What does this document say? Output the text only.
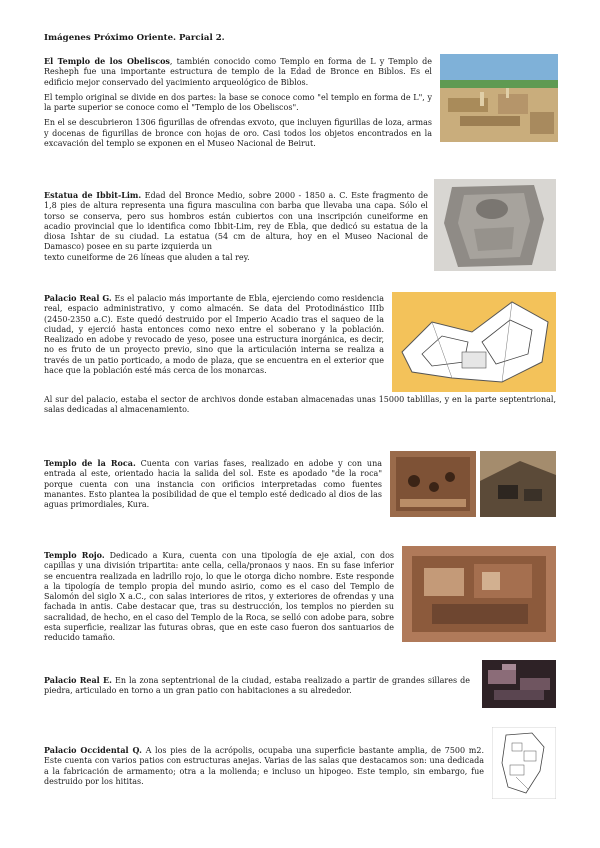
Imágenes Próximo Oriente. Parcial 2.

El Templo de los Obeliscos, también conocido como Templo en forma de L y Templo de Resheph fue una importante estructura de templo de la Edad de Bronce en Biblos. Es el edificio mejor conservado del yacimiento arqueológico de Biblos.

El templo original se divide en dos partes: la base se conoce como "el templo en forma de L", y la parte superior se conoce como el "Templo de los Obeliscos".

En el se descubrieron 1306 figurillas de ofrendas exvoto, que incluyen figurillas de loza, armas y docenas de figurillas de bronce con hojas de oro. Casi todos los objetos encontrados en la excavación del templo se exponen en el Museo Nacional de Beirut.

Estatua de Ibbit-Lim. Edad del Bronce Medio, sobre 2000 - 1850 a. C. Este fragmento de 1,8 pies de altura representa una figura masculina con barba que llevaba una capa. Sólo el torso se conserva, pero sus hombros están cubiertos con una inscripción cuneiforme en acadio provincial que lo identifica como Ibbit-Lim, rey de Ebla, que dedicó su estatua de la diosa Ishtar de su ciudad. La estatua (54 cm de altura, hoy en el Museo Nacional de Damasco) posee en su parte izquierda un
texto cuneiforme de 26 líneas que aluden a tal rey.

Palacio Real G. Es el palacio más importante de Ebla, ejerciendo como residencia real, espacio administrativo, y como almacén. Se data del Protodinástico IIIb (2450-2350 a.C). Este quedó destruido por el Imperio Acadio tras el saqueo de la ciudad, y ejerció hasta entonces como nexo entre el soberano y la población. Realizado en adobe y revocado de yeso, posee una estructura inorgánica, es decir, no es fruto de un proyecto previo, sino que la articulación interna se realiza a través de un patio porticado, a modo de plaza, que se encuentra en el exterior que hace que la población esté más cerca de los monarcas.

Al sur del palacio, estaba el sector de archivos donde estaban almacenadas unas 15000 tablillas, y en la parte septentrional, salas dedicadas al almacenamiento.

Templo de la Roca. Cuenta con varias fases, realizado en adobe y con una entrada al este, orientado hacia la salida del sol. Este es apodado "de la roca" porque cuenta con una instancia con orificios interpretadas como fuentes manantes. Esto plantea la posibilidad de que el templo esté dedicado al dios de las aguas primordiales, Kura.

Templo Rojo. Dedicado a Kura, cuenta con una tipología de eje axial, con dos capillas y una división tripartita: ante cella, cella/pronaos y naos. En su fase inferior se encuentra realizada en ladrillo rojo, lo que le otorga dicho nombre. Este responde a la tipología de templo propia del mundo asirio, como es el caso del Templo de Salomón del siglo X a.C., con salas interiores de ritos, y exteriores de ofrendas y una fachada in antis. Cabe destacar que, tras su destrucción, los templos no pierden su sacralidad, de hecho, en el caso del Templo de la Roca, se selló con adobe para, sobre esta superficie, realizar las futuras obras, que en este caso fueron dos santuarios de reducido tamaño.

Palacio Real E. En la zona septentrional de la ciudad, estaba realizado a partir de grandes sillares de piedra, articulado en torno a un gran patio con habitaciones a su alrededor.

Palacio Occidental Q. A los pies de la acrópolis, ocupaba una superficie bastante amplia, de 7500 m2. Este cuenta con varios patios con estructuras anejas. Varias de las salas que destacamos son: una dedicada a la fabricación de armamento; otra a la molienda; e incluso un hipogeo. Este templo, sin embargo, fue destruido por los hititas.
